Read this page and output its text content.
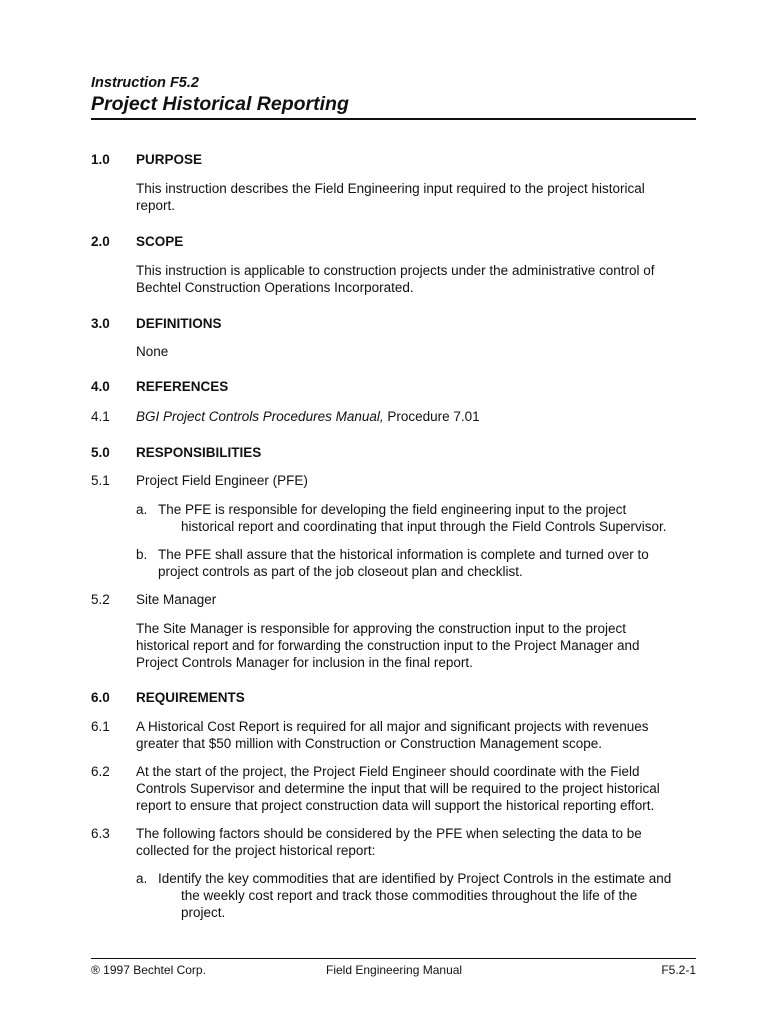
Instruction F5.2
Project Historical Reporting
1.0 PURPOSE
This instruction describes the Field Engineering input required to the project historical
report.
2.0 SCOPE
This instruction is applicable to construction projects under the administrative control of
Bechtel Construction Operations Incorporated.
3.0 DEFINITIONS
None
4.0 REFERENCES
4.1 BGI Project Controls Procedures Manual, Procedure 7.01
5.0 RESPONSIBILITIES
5.1 Project Field Engineer (PFE)
a. The PFE is responsible for developing the field engineering input to the project
historical report and coordinating that input through the Field Controls Supervisor.
b. The PFE shall assure that the historical information is complete and turned over to
project controls as part of the job closeout plan and checklist.
5.2 Site Manager
The Site Manager is responsible for approving the construction input to the project
historical report and for forwarding the construction input to the Project Manager and
Project Controls Manager for inclusion in the final report.
6.0 REQUIREMENTS
6.1 A Historical Cost Report is required for all major and significant projects with revenues
greater that $50 million with Construction or Construction Management scope.
6.2 At the start of the project, the Project Field Engineer should coordinate with the Field
Controls Supervisor and determine the input that will be required to the project historical
report to ensure that project construction data will support the historical reporting effort.
6.3 The following factors should be considered by the PFE when selecting the data to be
collected for the project historical report:
a. Identify the key commodities that are identified by Project Controls in the estimate and
the weekly cost report and track those commodities throughout the life of the
project.
® 1997 Bechtel Corp.	Field Engineering Manual	F5.2-1
